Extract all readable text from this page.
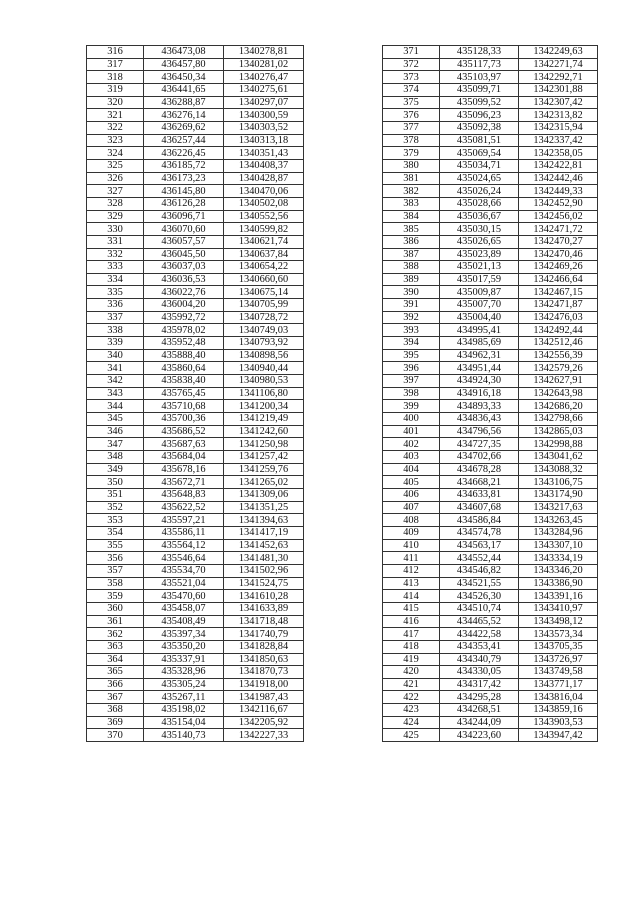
316	436473,08	1340278,81
317	436457,80	1340281,02
318	436450,34	1340276,47
319	436441,65	1340275,61
320	436288,87	1340297,07
321	436276,14	1340300,59
322	436269,62	1340303,52
323	436257,44	1340313,18
324	436226,45	1340351,43
325	436185,72	1340408,37
326	436173,23	1340428,87
327	436145,80	1340470,06
328	436126,28	1340502,08
329	436096,71	1340552,56
330	436070,60	1340599,82
331	436057,57	1340621,74
332	436045,50	1340637,84
333	436037,03	1340654,22
334	436036,53	1340660,60
335	436022,76	1340675,14
336	436004,20	1340705,99
337	435992,72	1340728,72
338	435978,02	1340749,03
339	435952,48	1340793,92
340	435888,40	1340898,56
341	435860,64	1340940,44
342	435838,40	1340980,53
343	435765,45	1341106,80
344	435710,68	1341200,34
345	435700,36	1341219,49
346	435686,52	1341242,60
347	435687,63	1341250,98
348	435684,04	1341257,42
349	435678,16	1341259,76
350	435672,71	1341265,02
351	435648,83	1341309,06
352	435622,52	1341351,25
353	435597,21	1341394,63
354	435586,11	1341417,19
355	435564,12	1341452,63
356	435546,64	1341481,30
357	435534,70	1341502,96
358	435521,04	1341524,75
359	435470,60	1341610,28
360	435458,07	1341633,89
361	435408,49	1341718,48
362	435397,34	1341740,79
363	435350,20	1341828,84
364	435337,91	1341850,63
365	435328,96	1341870,73
366	435305,24	1341918,00
367	435267,11	1341987,43
368	435198,02	1342116,67
369	435154,04	1342205,92
370	435140,73	1342227,33
371	435128,33	1342249,63
372	435117,73	1342271,74
373	435103,97	1342292,71
374	435099,71	1342301,88
375	435099,52	1342307,42
376	435096,23	1342313,82
377	435092,38	1342315,94
378	435081,51	1342337,42
379	435069,54	1342358,05
380	435034,71	1342422,81
381	435024,65	1342442,46
382	435026,24	1342449,33
383	435028,66	1342452,90
384	435036,67	1342456,02
385	435030,15	1342471,72
386	435026,65	1342470,27
387	435023,89	1342470,46
388	435021,13	1342469,26
389	435017,59	1342466,64
390	435009,87	1342467,15
391	435007,70	1342471,87
392	435004,40	1342476,03
393	434995,41	1342492,44
394	434985,69	1342512,46
395	434962,31	1342556,39
396	434951,44	1342579,26
397	434924,30	1342627,91
398	434916,18	1342643,98
399	434893,33	1342686,20
400	434836,43	1342798,66
401	434796,56	1342865,03
402	434727,35	1342998,88
403	434702,66	1343041,62
404	434678,28	1343088,32
405	434668,21	1343106,75
406	434633,81	1343174,90
407	434607,68	1343217,63
408	434586,84	1343263,45
409	434574,78	1343284,96
410	434563,17	1343307,10
411	434552,44	1343334,19
412	434546,82	1343346,20
413	434521,55	1343386,90
414	434526,30	1343391,16
415	434510,74	1343410,97
416	434465,52	1343498,12
417	434422,58	1343573,34
418	434353,41	1343705,35
419	434340,79	1343726,97
420	434330,05	1343749,58
421	434317,42	1343771,17
422	434295,28	1343816,04
423	434268,51	1343859,16
424	434244,09	1343903,53
425	434223,60	1343947,42
